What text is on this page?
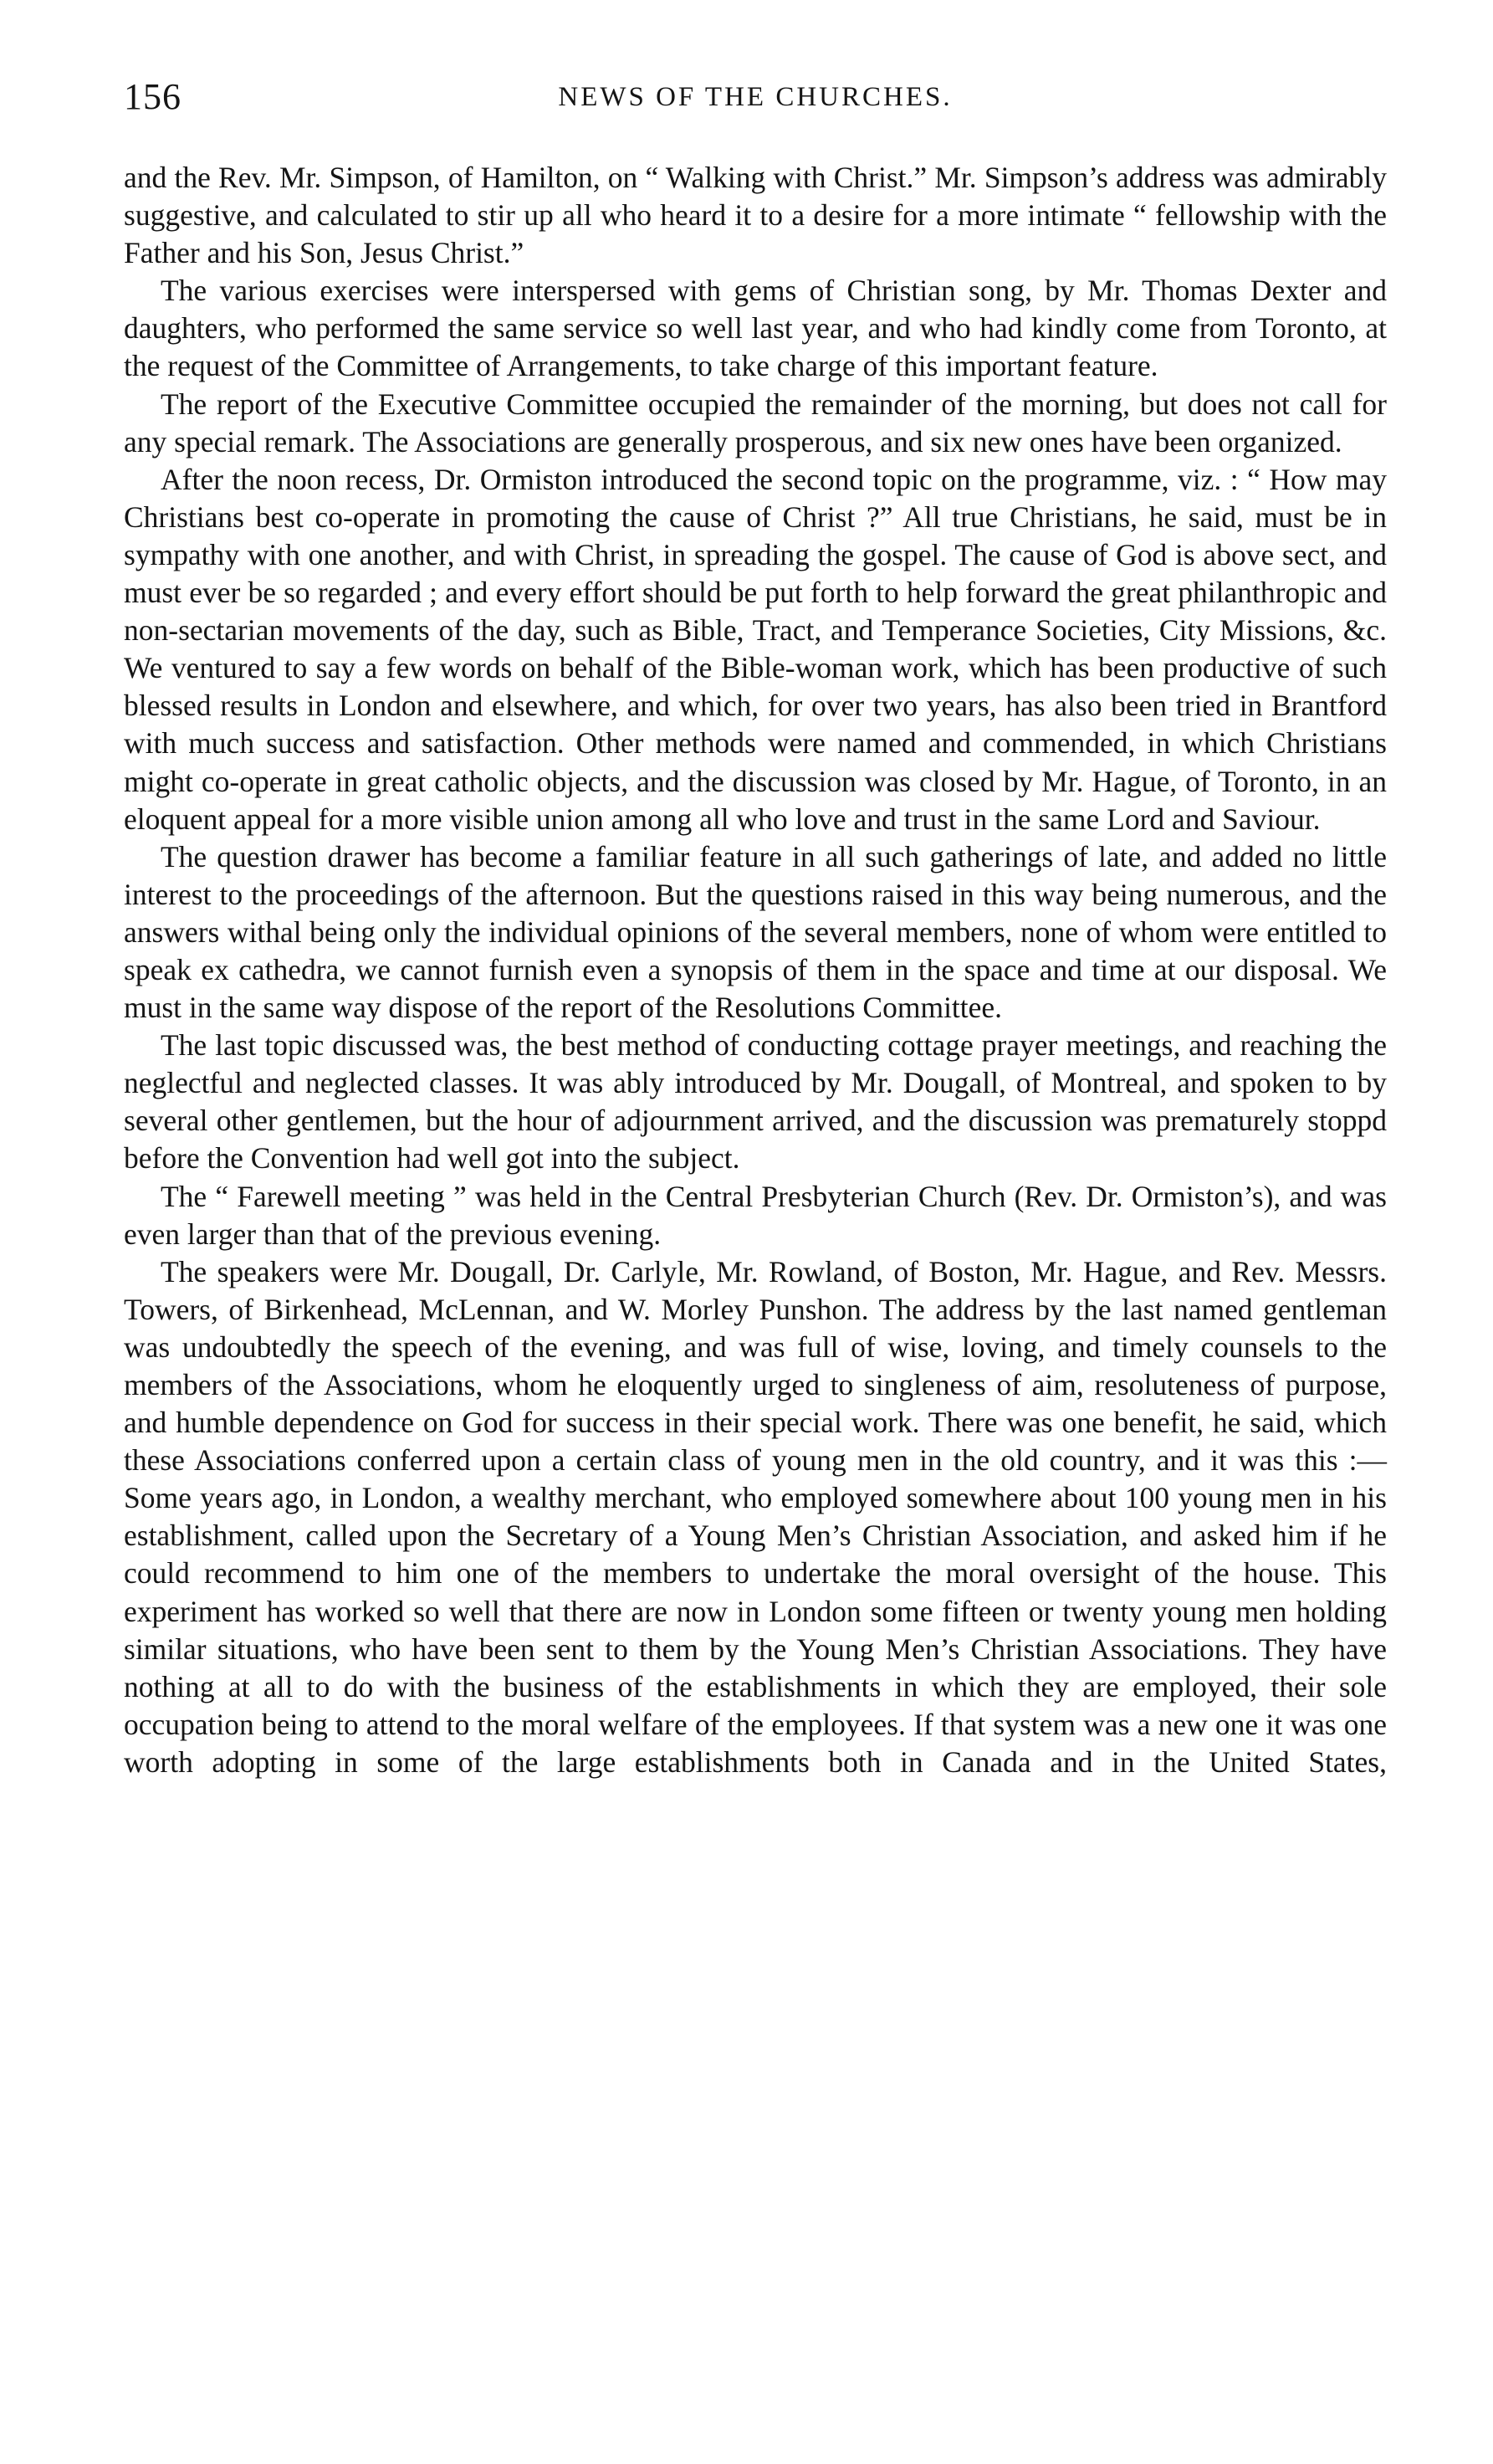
156	NEWS OF THE CHURCHES.

and the Rev. Mr. Simpson, of Hamilton, on “ Walking with Christ.” Mr. Simpson’s address was admirably suggestive, and calculated to stir up all who heard it to a desire for a more intimate “ fellowship with the Father and his Son, Jesus Christ.”

The various exercises were interspersed with gems of Christian song, by Mr. Thomas Dexter and daughters, who performed the same service so well last year, and who had kindly come from Toronto, at the request of the Committee of Arrangements, to take charge of this important feature.

The report of the Executive Committee occupied the remainder of the morning, but does not call for any special remark. The Associations are generally prosperous, and six new ones have been organized.

After the noon recess, Dr. Ormiston introduced the second topic on the programme, viz. : “ How may Christians best co-operate in promoting the cause of Christ ?” All true Christians, he said, must be in sympathy with one another, and with Christ, in spreading the gospel. The cause of God is above sect, and must ever be so regarded ; and every effort should be put forth to help forward the great philanthropic and non-sectarian movements of the day, such as Bible, Tract, and Temperance Societies, City Missions, &c. We ventured to say a few words on behalf of the Bible-woman work, which has been productive of such blessed results in London and elsewhere, and which, for over two years, has also been tried in Brantford with much success and satisfaction. Other methods were named and commended, in which Christians might co-operate in great catholic objects, and the discussion was closed by Mr. Hague, of Toronto, in an eloquent appeal for a more visible union among all who love and trust in the same Lord and Saviour.

The question drawer has become a familiar feature in all such gatherings of late, and added no little interest to the proceedings of the afternoon. But the questions raised in this way being numerous, and the answers withal being only the individual opinions of the several members, none of whom were entitled to speak ex cathedra, we cannot furnish even a synopsis of them in the space and time at our disposal. We must in the same way dispose of the report of the Resolutions Committee.

The last topic discussed was, the best method of conducting cottage prayer meetings, and reaching the neglectful and neglected classes. It was ably introduced by Mr. Dougall, of Montreal, and spoken to by several other gentlemen, but the hour of adjournment arrived, and the discussion was prematurely stoppd before the Convention had well got into the subject.

The “ Farewell meeting ” was held in the Central Presbyterian Church (Rev. Dr. Ormiston’s), and was even larger than that of the previous evening.

The speakers were Mr. Dougall, Dr. Carlyle, Mr. Rowland, of Boston, Mr. Hague, and Rev. Messrs. Towers, of Birkenhead, McLennan, and W. Morley Punshon. The address by the last named gentleman was undoubtedly the speech of the evening, and was full of wise, loving, and timely counsels to the members of the Associations, whom he eloquently urged to singleness of aim, resoluteness of purpose, and humble dependence on God for success in their special work. There was one benefit, he said, which these Associations conferred upon a certain class of young men in the old country, and it was this :—Some years ago, in London, a wealthy merchant, who employed somewhere about 100 young men in his establishment, called upon the Secretary of a Young Men’s Christian Association, and asked him if he could recommend to him one of the members to undertake the moral oversight of the house. This experiment has worked so well that there are now in London some fifteen or twenty young men holding similar situations, who have been sent to them by the Young Men’s Christian Associations. They have nothing at all to do with the business of the establishments in which they are employed, their sole occupation being to attend to the moral welfare of the employees. If that system was a new one it was one worth adopting in some of the large establishments both in Canada and in the United States,
